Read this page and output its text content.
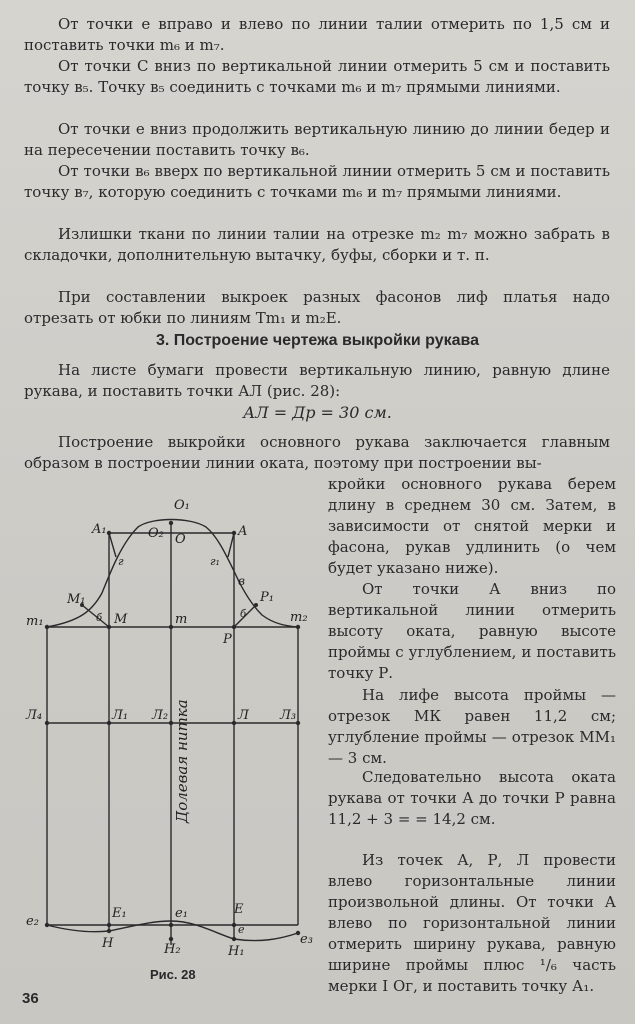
От точки е вправо и влево по линии талии отмерить по 1,5 см и поставить точки m₆ и m₇.

От точки С вниз по вертикальной линии отмерить 5 см и поставить точку в₅. Точку в₅ соединить с точками m₆ и m₇ прямыми линиями.

От точки е вниз продолжить вертикальную линию до линии бедер и на пересечении поставить точку в₆.

От точки в₆ вверх по вертикальной линии отмерить 5 см и поставить точку в₇, которую соединить с точками m₆ и m₇ прямыми линиями.

Излишки ткани по линии талии на отрезке m₂ m₇ можно забрать в складочки, дополнительную вытачку, буфы, сборки и т. п.

При составлении выкроек разных фасонов лиф платья надо отрезать от юбки по линиям Тm₁ и m₂E.

3. Построение чертежа выкройки рукава

На листе бумаги провести вертикальную линию, равную длине рукава, и поставить точки АЛ (рис. 28):

АЛ = Др = 30 см.

Построение выкройки основного рукава заключается главным образом в построении линии оката, поэтому при построении вы-

кройки основного рукава берем длину в среднем 30 см. Затем, в зависимости от снятой мерки и фасона, рукав удлинить (о чем будет указано ниже).

От точки А вниз по вертикальной линии отмерить высоту оката, равную высоте проймы с углублением, и поставить точку Р.

На лифе высота проймы — отрезок МК равен 11,2 см; углубление проймы — отрезок ММ₁ — 3 см.

Следовательно высота оката рукава от точки А до точки Р равна 11,2 + 3 = = 14,2 см.

Из точек А, Р, Л провести влево горизонтальные линии произвольной длины. От точки А влево по горизонтальной линии отмерить ширину рукава, равную ширине проймы плюс ¹/₆ часть мерки I Ог, и поставить точку А₁.

O₁
O₂ O
A₁	A
г	г₁
в
M₁	P₁
б	б
m₁	M	m
P
m₂
Л₄	Л₁ Л₂	Л Л₃
E₁	e₁	E
e
e₂
e₃
H	H₂	H₁
Долевая нитка
Рис. 28
36
